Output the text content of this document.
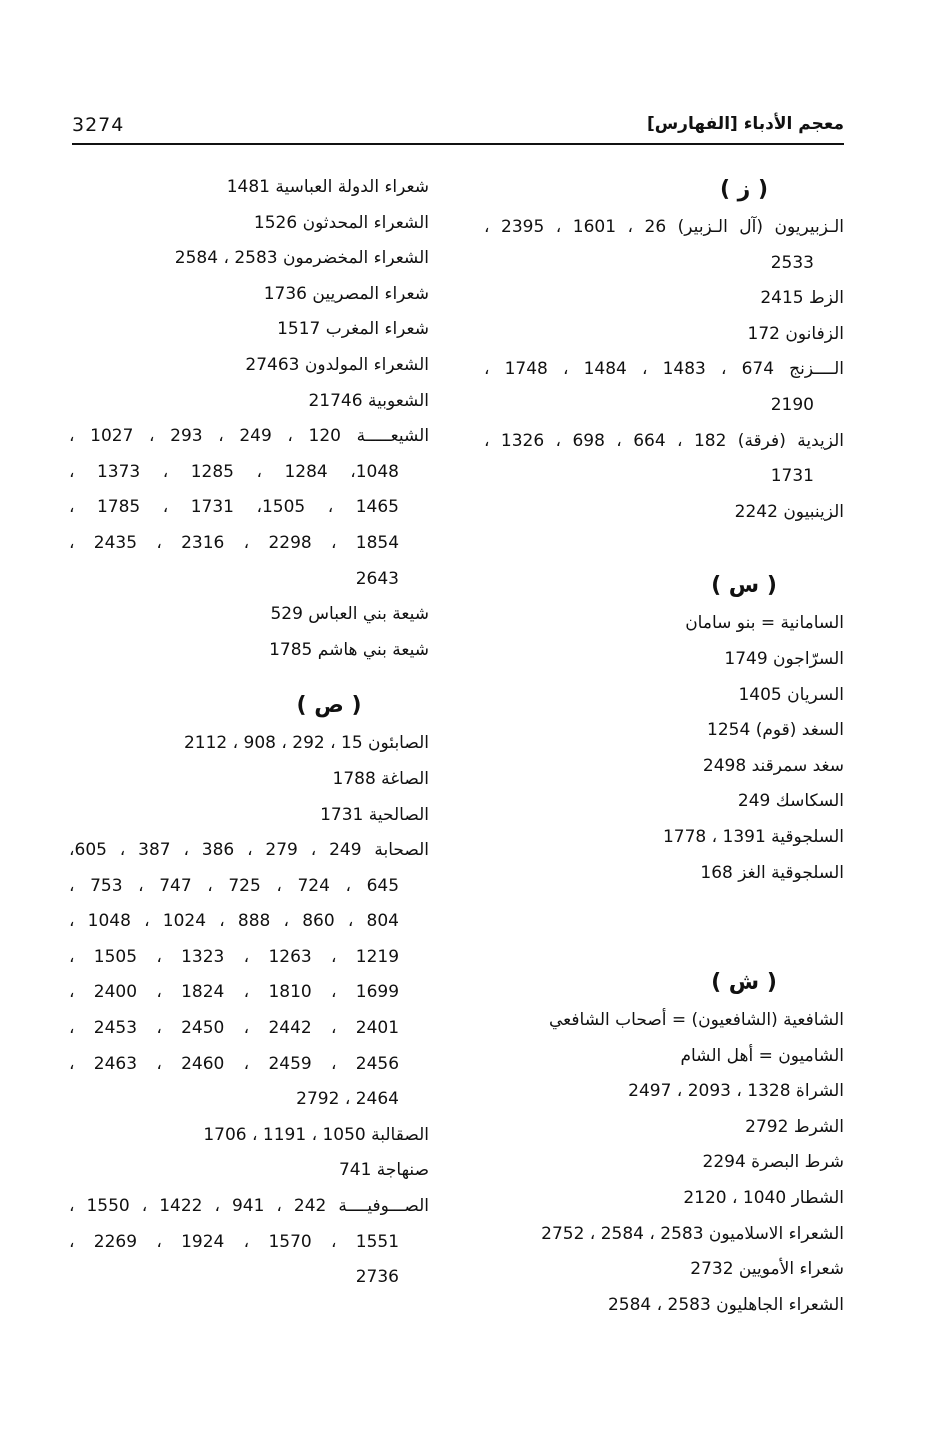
3274	معجم الأدباء [الفهارس]
( ز )
الـزبيريون (آل الـزبير) 26 ، 1601 ، 2395 ،
2533
الزط 2415
الزفانون 172
الــــزنج 674 ، 1483 ، 1484 ، 1748 ،
2190
الزيدية (فرقة) 182 ، 664 ، 698 ، 1326 ،
1731
الزينبيون 2242
( س )
السامانية = بنو سامان
السرّاجون 1749
السريان 1405
السغد (قوم) 1254
سغد سمرقند 2498
السكاسك 249
السلجوقية 1391 ، 1778
السلجوقية الغز 168
( ش )
الشافعية (الشافعيون) = أصحاب الشافعي
الشاميون = أهل الشام
الشراة 1328 ، 2093 ، 2497
الشرط 2792
شرط البصرة 2294
الشطار 1040 ، 2120
الشعراء الاسلاميون 2583 ، 2584 ، 2752
شعراء الأمويين 2732
الشعراء الجاهليون 2583 ، 2584
شعراء الدولة العباسية 1481
الشعراء المحدثون 1526
الشعراء المخضرمون 2583 ، 2584
شعراء المصريين 1736
شعراء المغرب 1517
الشعراء المولدون 27463
الشعوبية 21746
الشيعـــــة 120 ، 249 ، 293 ، 1027 ،
1048، 1284 ، 1285 ، 1373 ،
1465 ، 1505، 1731 ، 1785 ،
1854 ، 2298 ، 2316 ، 2435 ،
2643
شيعة بني العباس 529
شيعة بني هاشم 1785
( ص )
الصابئون 15 ، 292 ، 908 ، 2112
الصاغة 1788
الصالحية 1731
الصحابة 249 ، 279 ، 386 ، 387 ، 605،
645 ، 724 ، 725 ، 747 ، 753 ،
804 ، 860 ، 888 ، 1024 ، 1048 ،
1219 ، 1263 ، 1323 ، 1505 ،
1699 ، 1810 ، 1824 ، 2400 ،
2401 ، 2442 ، 2450 ، 2453 ،
2456 ، 2459 ، 2460 ، 2463 ،
2464 ، 2792
الصقالبة 1050 ، 1191 ، 1706
صنهاجة 741
الصـــوفيــــة 242 ، 941 ، 1422 ، 1550 ،
1551 ، 1570 ، 1924 ، 2269 ،
2736
